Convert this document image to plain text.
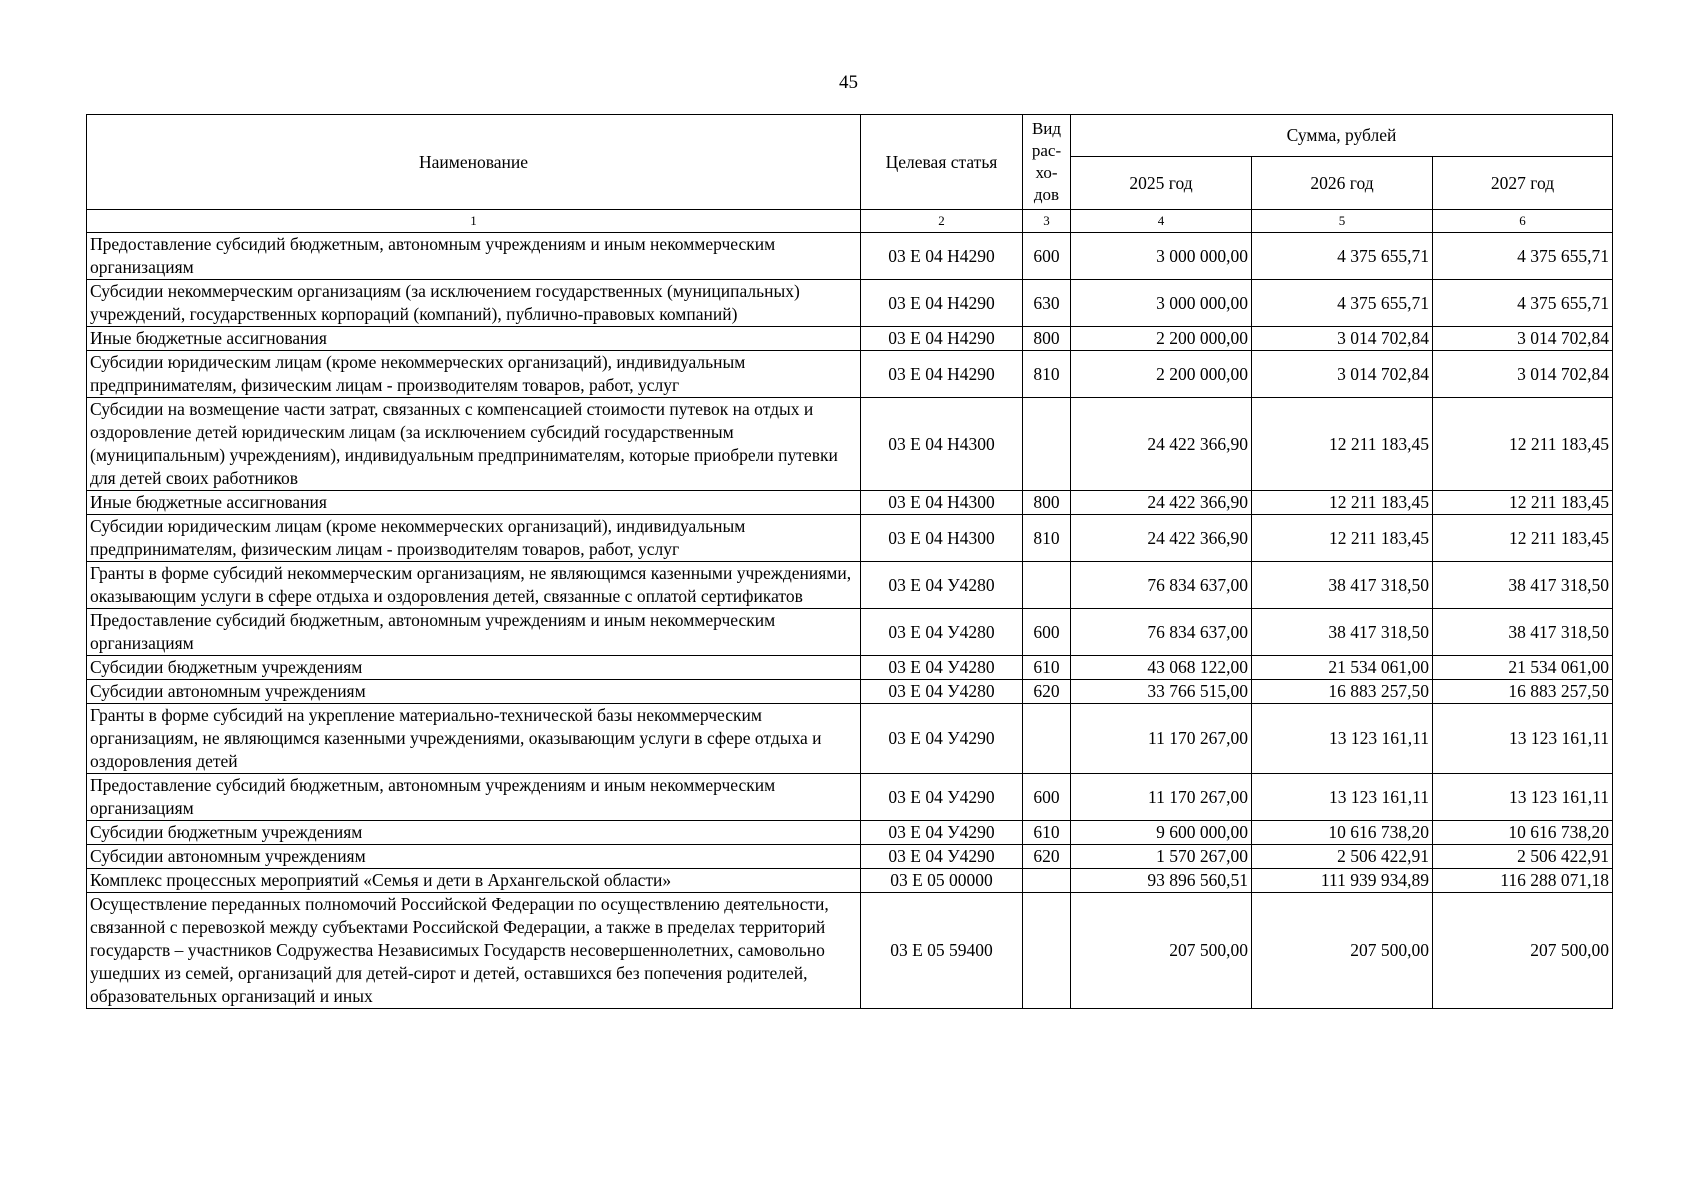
45
Наименование	Целевая статья	Вид рас-хо-дов	Сумма, рублей		
			2025 год	2026 год	2027 год
1	2	3	4	5	6
Предоставление субсидий бюджетным, автономным учреждениям и иным некоммерческим организациям	03 Е 04 Н4290	600	3 000 000,00	4 375 655,71	4 375 655,71
Субсидии некоммерческим организациям (за исключением государственных (муниципальных) учреждений, государственных корпораций (компаний), публично-правовых компаний)	03 Е 04 Н4290	630	3 000 000,00	4 375 655,71	4 375 655,71
Иные бюджетные ассигнования	03 Е 04 Н4290	800	2 200 000,00	3 014 702,84	3 014 702,84
Субсидии юридическим лицам (кроме некоммерческих организаций), индивидуальным предпринимателям, физическим лицам - производителям товаров, работ, услуг	03 Е 04 Н4290	810	2 200 000,00	3 014 702,84	3 014 702,84
Субсидии на возмещение части затрат, связанных с компенсацией стоимости путевок на отдых и оздоровление детей юридическим лицам (за исключением субсидий государственным (муниципальным) учреждениям), индивидуальным предпринимателям, которые приобрели путевки для детей своих работников	03 Е 04 Н4300		24 422 366,90	12 211 183,45	12 211 183,45
Иные бюджетные ассигнования	03 Е 04 Н4300	800	24 422 366,90	12 211 183,45	12 211 183,45
Субсидии юридическим лицам (кроме некоммерческих организаций), индивидуальным предпринимателям, физическим лицам - производителям товаров, работ, услуг	03 Е 04 Н4300	810	24 422 366,90	12 211 183,45	12 211 183,45
Гранты в форме субсидий некоммерческим организациям, не являющимся казенными учреждениями, оказывающим услуги в сфере отдыха и оздоровления детей, связанные с оплатой сертификатов	03 Е 04 У4280		76 834 637,00	38 417 318,50	38 417 318,50
Предоставление субсидий бюджетным, автономным учреждениям и иным некоммерческим организациям	03 Е 04 У4280	600	76 834 637,00	38 417 318,50	38 417 318,50
Субсидии бюджетным учреждениям	03 Е 04 У4280	610	43 068 122,00	21 534 061,00	21 534 061,00
Субсидии автономным учреждениям	03 Е 04 У4280	620	33 766 515,00	16 883 257,50	16 883 257,50
Гранты в форме субсидий на укрепление материально-технической базы некоммерческим организациям, не являющимся казенными учреждениями, оказывающим услуги в сфере отдыха и оздоровления детей	03 Е 04 У4290		11 170 267,00	13 123 161,11	13 123 161,11
Предоставление субсидий бюджетным, автономным учреждениям и иным некоммерческим организациям	03 Е 04 У4290	600	11 170 267,00	13 123 161,11	13 123 161,11
Субсидии бюджетным учреждениям	03 Е 04 У4290	610	9 600 000,00	10 616 738,20	10 616 738,20
Субсидии автономным учреждениям	03 Е 04 У4290	620	1 570 267,00	2 506 422,91	2 506 422,91
Комплекс процессных мероприятий «Семья и дети в Архангельской области»	03 Е 05 00000		93 896 560,51	111 939 934,89	116 288 071,18
Осуществление переданных полномочий Российской Федерации по осуществлению деятельности, связанной с перевозкой между субъектами Российской Федерации, а также в пределах территорий государств – участников Содружества Независимых Государств несовершеннолетних, самовольно ушедших из семей, организаций для детей-сирот и детей, оставшихся без попечения родителей, образовательных организаций и иных	03 Е 05 59400		207 500,00	207 500,00	207 500,00
